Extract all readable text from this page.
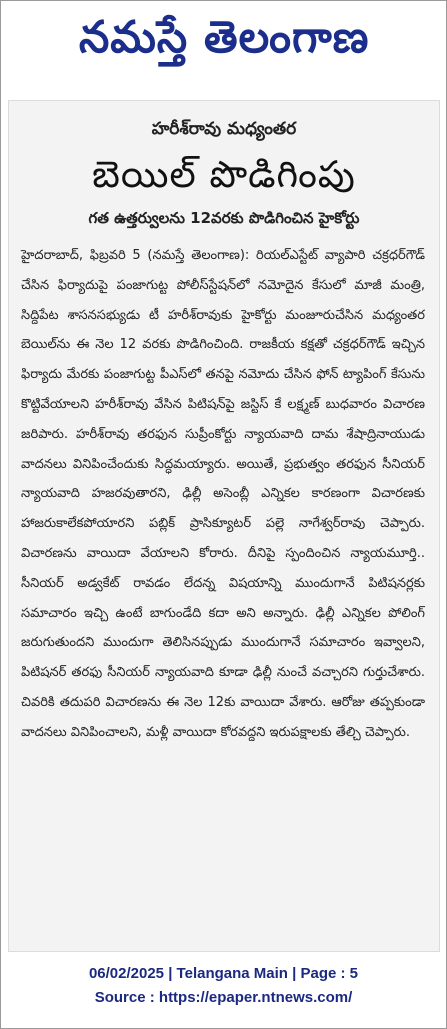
నమస్తే తెలంగాణ
హరీశ్‌రావు మధ్యంతర
బెయిల్ పొడిగింపు
గత ఉత్తర్వులను 12వరకు పొడిగించిన హైకోర్టు
హైదరాబాద్, ఫిబ్రవరి 5 (నమస్తే తెలంగాణ): రియల్‌ఎస్టేట్ వ్యాపారి చక్రధర్‌గౌడ్ చేసిన ఫిర్యాదుపై పంజాగుట్ట పోలీస్‌స్టేషన్‌లో నమోదైన కేసులో మాజీ మంత్రి, సిద్దిపేట శాసనసభ్యుడు టీ హరీశ్‌రావుకు హైకోర్టు మంజూరుచేసిన మధ్యంతర బెయిల్‌ను ఈ నెల 12 వరకు పొడిగించింది. రాజకీయ కక్షతో చక్రధర్‌గౌడ్ ఇచ్చిన ఫిర్యాదు మేరకు పంజాగుట్ట పీఎస్‌లో తనపై నమోదు చేసిన ఫోన్ ట్యాపింగ్ కేసును కొట్టివేయాలని హరీశ్‌రావు వేసిన పిటిషన్‌పై జస్టిస్ కే లక్ష్మణ్ బుధవారం విచారణ జరిపారు. హరీశ్‌రావు తరఫున సుప్రీంకోర్టు న్యాయవాది దామ శేషాద్రినాయుడు వాదనలు వినిపించేందుకు సిద్ధమయ్యారు. అయితే, ప్రభుత్వం తరఫున సీనియర్ న్యాయవాది హజరవుతారని, ఢిల్లీ అసెంబ్లీ ఎన్నికల కారణంగా విచారణకు హాజరుకాలేకపోయారని పబ్లిక్ ప్రాసిక్యూటర్ పల్లె నాగేశ్వర్‌రావు చెప్పారు. విచారణను వాయిదా వేయాలని కోరారు. దీనిపై స్పందించిన న్యాయమూర్తి.. సీనియర్ అడ్వకేట్ రావడం లేదన్న విషయాన్ని ముందుగానే పిటిషనర్లకు సమాచారం ఇచ్చి ఉంటే బాగుండేది కదా అని అన్నారు. ఢిల్లీ ఎన్నికల పోలింగ్ జరుగుతుందని ముందుగా తెలిసినప్పుడు ముందుగానే సమాచారం ఇవ్వాలని, పిటిషనర్ తరఫు సీనియర్ న్యాయవాది కూడా ఢిల్లీ నుంచే వచ్చారని గుర్తుచేశారు. చివరికి తదుపరి విచారణను ఈ నెల 12కు వాయిదా వేశారు. ఆరోజు తప్పకుండా వాదనలు వినిపించాలని, మళ్లీ వాయిదా కోరవద్దని ఇరుపక్షాలకు తేల్చి చెప్పారు.
06/02/2025 | Telangana Main | Page : 5
Source : https://epaper.ntnews.com/
